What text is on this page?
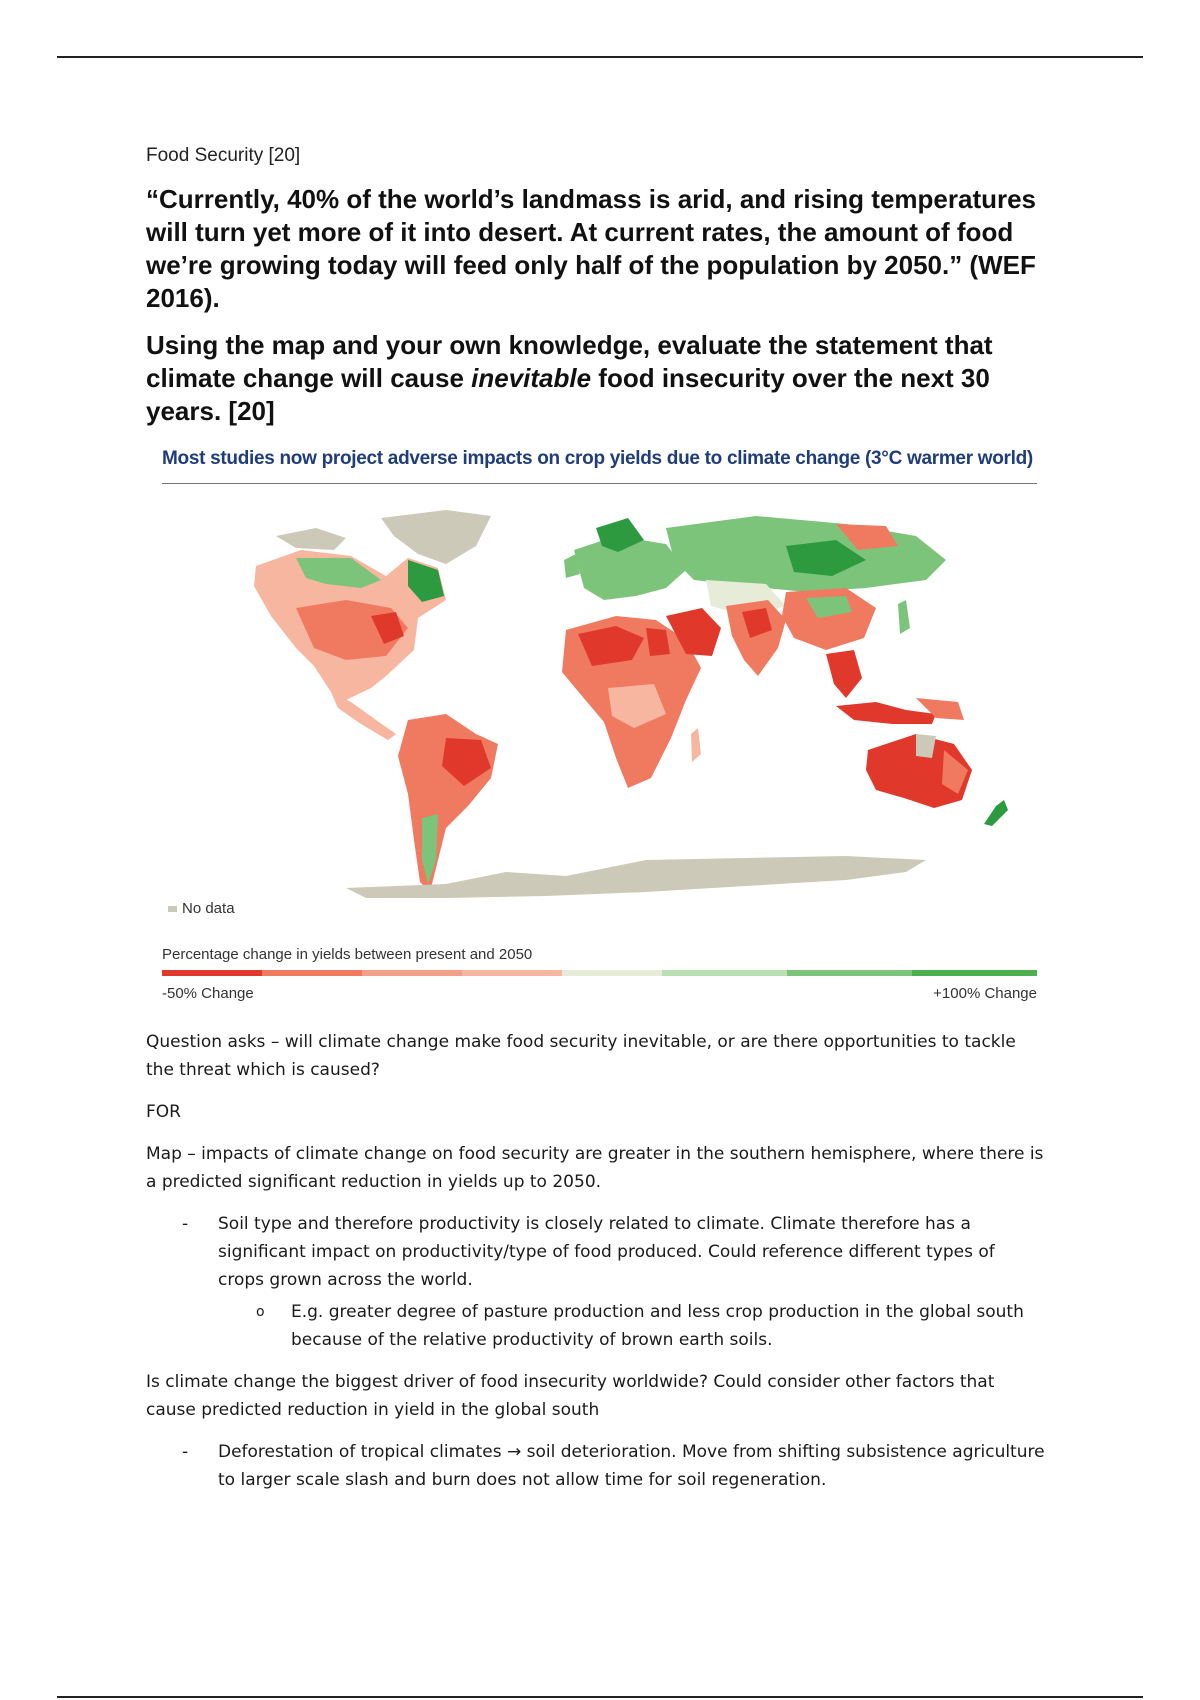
Food Security [20]

“Currently, 40% of the world’s landmass is arid, and rising temperatures will turn yet more of it into desert. At current rates, the amount of food we’re growing today will feed only half of the population by 2050.” (WEF 2016).

Using the map and your own knowledge, evaluate the statement that climate change will cause inevitable food insecurity over the next 30 years. [20]

Most studies now project adverse impacts on crop yields due to climate change (3°C warmer world)
No data
Percentage change in yields between present and 2050
-50% Change	+100% Change

Question asks – will climate change make food security inevitable, or are there opportunities to tackle the threat which is caused?

FOR

Map – impacts of climate change on food security are greater in the southern hemisphere, where there is a predicted significant reduction in yields up to 2050.

- Soil type and therefore productivity is closely related to climate. Climate therefore has a significant impact on productivity/type of food produced. Could reference different types of crops grown across the world.
o E.g. greater degree of pasture production and less crop production in the global south because of the relative productivity of brown earth soils.

Is climate change the biggest driver of food insecurity worldwide? Could consider other factors that cause predicted reduction in yield in the global south

- Deforestation of tropical climates → soil deterioration. Move from shifting subsistence agriculture to larger scale slash and burn does not allow time for soil regeneration.
